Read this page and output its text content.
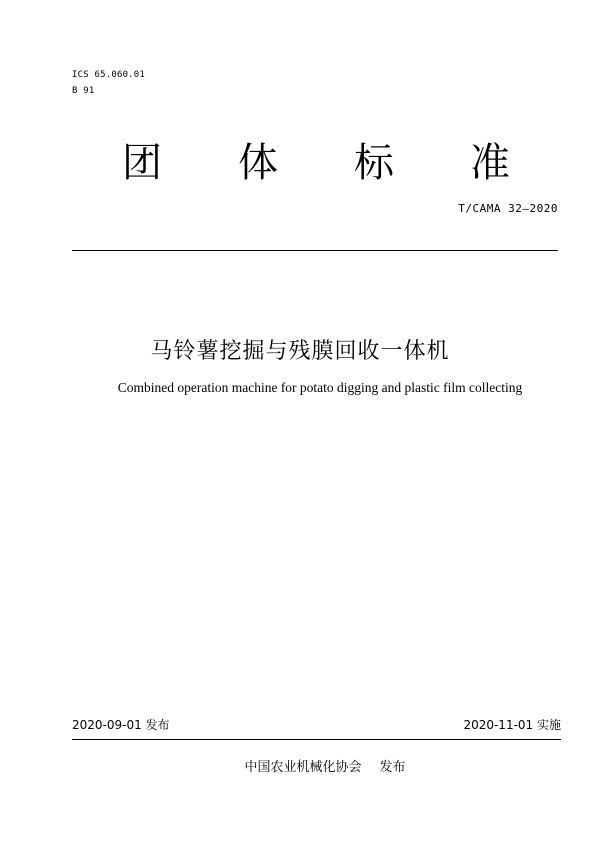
ICS 65.060.01
B 91
团 体 标 准
T/CAMA 32—2020
马铃薯挖掘与残膜回收一体机
Combined operation machine for potato digging and plastic film collecting
2020-09-01 发布	2020-11-01 实施
中国农业机械化协会 发布
